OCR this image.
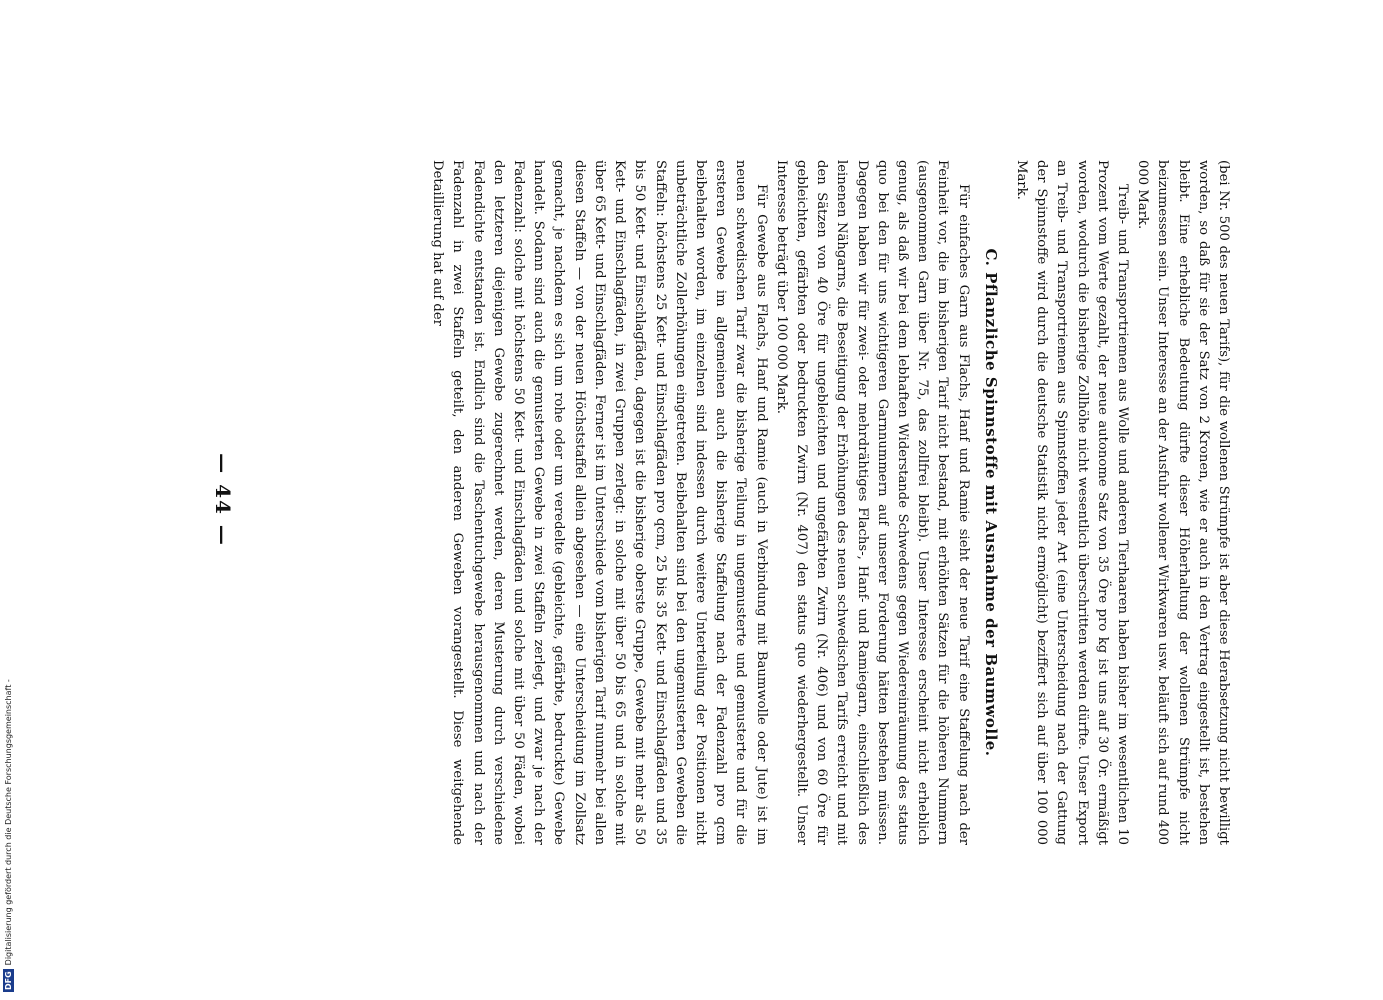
— 44 —	(bei Nr. 500 des neuen Tarifs), für die wollenen Strümpfe ist aber diese Herabsetzung nicht bewilligt worden, so daß für sie der Satz von 2 Kronen, wie er auch in den Vertrag eingestellt ist, bestehen bleibt. Eine erhebliche Bedeutung dürfte dieser Höherhaltung der wollenen Strümpfe nicht beizumessen sein. Unser Interesse an der Ausfuhr wollener Wirkwaren usw. beläuft sich auf rund 400 000 Mark.

Treib- und Transportriemen aus Wolle und anderen Tierhaaren haben bisher im wesentlichen 10 Prozent vom Werte gezahlt, der neue autonome Satz von 35 Öre pro kg ist uns auf 30 Ör. ermäßigt worden, wodurch die bisherige Zollhöhe nicht wesentlich überschritten werden dürfte. Unser Export an Treib- und Transportriemen aus Spinnstoffen jeder Art (eine Unterscheidung nach der Gattung der Spinnstoffe wird durch die deutsche Statistik nicht ermöglicht) beziffert sich auf über 100 000 Mark.

C. Pflanzliche Spinnstoffe mit Ausnahme der Baumwolle.

Für einfaches Garn aus Flachs, Hanf und Ramie sieht der neue Tarif eine Staffelung nach der Feinheit vor, die im bisherigen Tarif nicht bestand, mit erhöhten Sätzen für die höheren Nummern (ausgenommen Garn über Nr. 75, das zollfrei bleibt). Unser Interesse erscheint nicht erheblich genug, als daß wir bei dem lebhaften Widerstande Schwedens gegen Wiedereinräumung des status quo bei den für uns wichtigeren Garnnummern auf unserer Forderung hätten bestehen müssen. Dagegen haben wir für zwei- oder mehrdrähtiges Flachs-, Hanf- und Ramiegarn, einschließlich des leinenen Nähgarns, die Beseitigung der Erhöhungen des neuen schwedischen Tarifs erreicht und mit den Sätzen von 40 Öre für ungebleichten und ungefärbten Zwirn (Nr. 406) und von 60 Öre für gebleichten, gefärbten oder bedruckten Zwirn (Nr. 407) den status quo wiederhergestellt. Unser Interesse beträgt über 100 000 Mark.

Für Gewebe aus Flachs, Hanf und Ramie (auch in Verbindung mit Baumwolle oder Jute) ist im neuen schwedischen Tarif zwar die bisherige Teilung in ungemusterte und gemusterte und für die ersteren Gewebe im allgemeinen auch die bisherige Staffelung nach der Fadenzahl pro qcm beibehalten worden, im einzelnen sind indessen durch weitere Unterteilung der Positionen nicht unbeträchtliche Zollerhöhungen eingetreten. Beibehalten sind bei den ungemusterten Geweben die Staffeln: höchstens 25 Kett- und Einschlagfäden pro qcm, 25 bis 35 Kett- und Einschlagfäden und 35 bis 50 Kett- und Einschlagfäden, dagegen ist die bisherige oberste Gruppe, Gewebe mit mehr als 50 Kett- und Einschlagfäden, in zwei Gruppen zerlegt: in solche mit über 50 bis 65 und in solche mit über 65 Kett- und Einschlagfäden. Ferner ist im Unterschiede vom bisherigen Tarif nunmehr bei allen diesen Staffeln — von der neuen Höchststaffel allein abgesehen — eine Unterscheidung im Zollsatz gemacht, je nachdem es sich um rohe oder um veredelte (gebleichte, gefärbte, bedruckte) Gewebe handelt. Sodann sind auch die gemusterten Gewebe in zwei Staffeln zerlegt, und zwar je nach der Fadenzahl: solche mit höchstens 50 Kett- und Einschlagfäden und solche mit über 50 Fäden, wobei den letzteren diejenigen Gewebe zugerechnet werden, deren Musterung durch verschiedene Fadendichte entstanden ist. Endlich sind die Taschentuchgewebe herausgenommen und nach der Fadenzahl in zwei Staffeln geteilt, den anderen Geweben vorangestellt. Diese weitgehende Detaillierung hat auf der

DFG
Digitalisierung gefördert durch die Deutsche Forschungsgemeinschaft -
